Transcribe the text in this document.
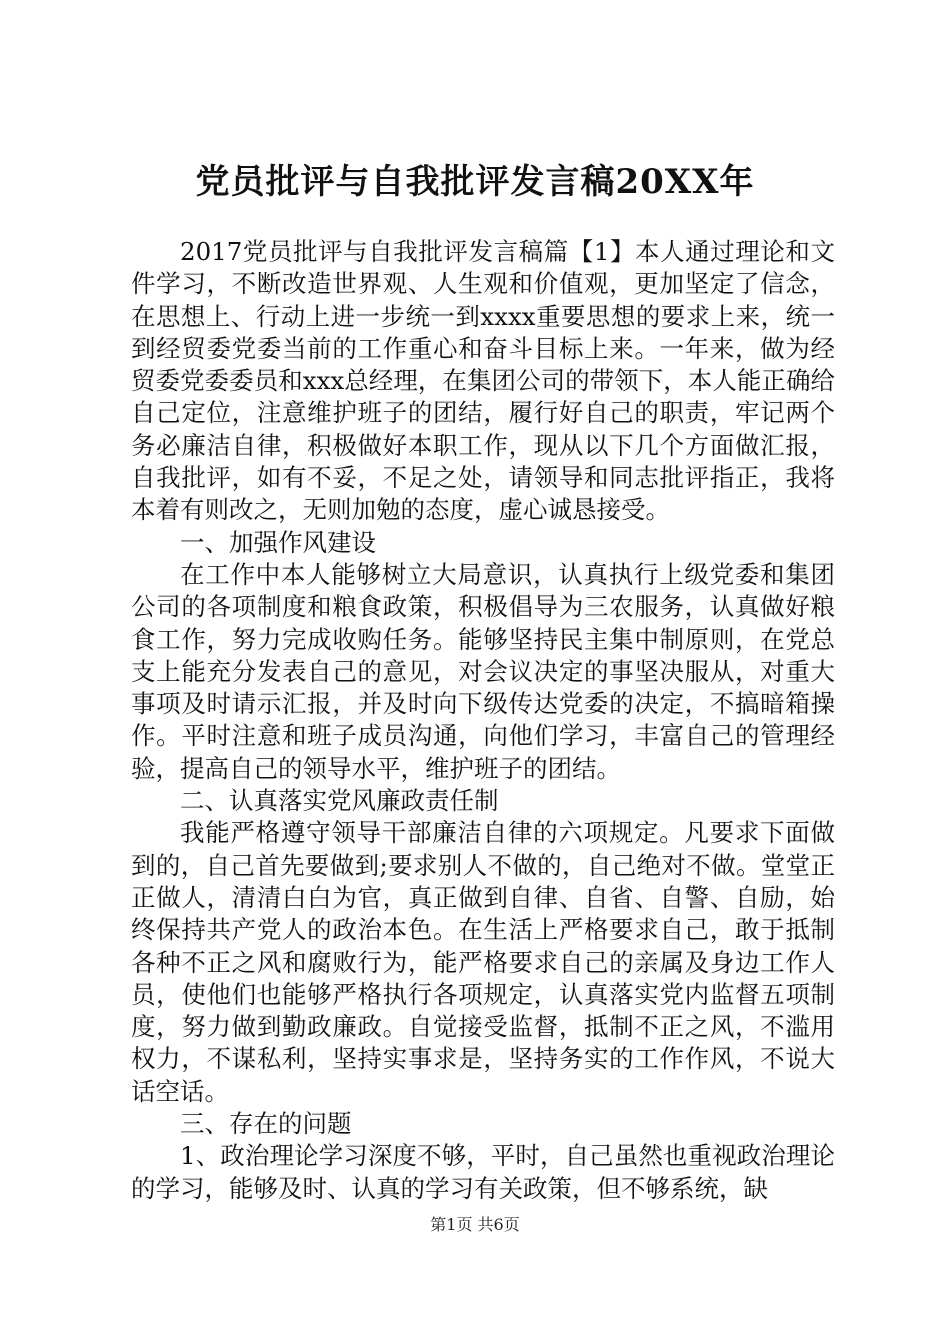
党员批评与自我批评发言稿20XX年

2017党员批评与自我批评发言稿篇【1】本人通过理论和文件学习，不断改造世界观、人生观和价值观，更加坚定了信念，在思想上、行动上进一步统一到xxxx重要思想的要求上来，统一到经贸委党委当前的工作重心和奋斗目标上来。一年来，做为经贸委党委委员和xxx总经理，在集团公司的带领下，本人能正确给自己定位，注意维护班子的团结，履行好自己的职责，牢记两个务必廉洁自律，积极做好本职工作，现从以下几个方面做汇报，自我批评，如有不妥，不足之处，请领导和同志批评指正，我将本着有则改之，无则加勉的态度，虚心诚恳接受。

一、加强作风建设

在工作中本人能够树立大局意识，认真执行上级党委和集团公司的各项制度和粮食政策，积极倡导为三农服务，认真做好粮食工作，努力完成收购任务。能够坚持民主集中制原则，在党总支上能充分发表自己的意见，对会议决定的事坚决服从，对重大事项及时请示汇报，并及时向下级传达党委的决定，不搞暗箱操作。平时注意和班子成员沟通，向他们学习，丰富自己的管理经验，提高自己的领导水平，维护班子的团结。

二、认真落实党风廉政责任制

我能严格遵守领导干部廉洁自律的六项规定。凡要求下面做到的，自己首先要做到;要求别人不做的，自己绝对不做。堂堂正正做人，清清白白为官，真正做到自律、自省、自警、自励，始终保持共产党人的政治本色。在生活上严格要求自己，敢于抵制各种不正之风和腐败行为，能严格要求自己的亲属及身边工作人员，使他们也能够严格执行各项规定，认真落实党内监督五项制度，努力做到勤政廉政。自觉接受监督，抵制不正之风，不滥用权力，不谋私利，坚持实事求是，坚持务实的工作作风，不说大话空话。

三、存在的问题

1、政治理论学习深度不够，平时，自己虽然也重视政治理论的学习，能够及时、认真的学习有关政策，但不够系统，缺

第1页 共6页
